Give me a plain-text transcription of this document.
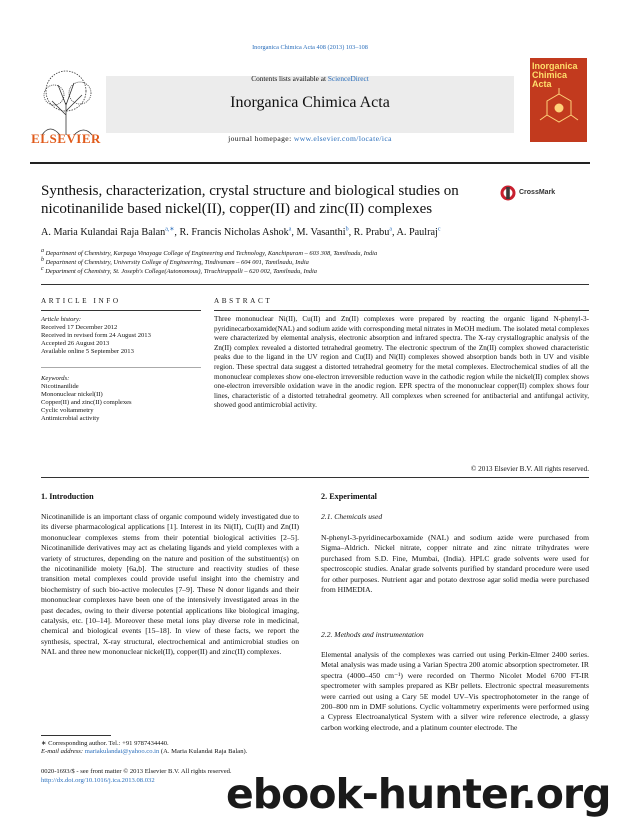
Inorganica Chimica Acta 408 (2013) 103–108
ELSEVIER
Contents lists available at ScienceDirect
Inorganica Chimica Acta
journal homepage: www.elsevier.com/locate/ica
Inorganica Chimica Acta
Synthesis, characterization, crystal structure and biological studies on nicotinanilide based nickel(II), copper(II) and zinc(II) complexes
CrossMark
A. Maria Kulandai Raja Balan$^{a,∗}$, R. Francis Nicholas Ashok$^a$, M. Vasanthi$^b$, R. Prabu$^a$, A. Paulraj$^c$
$^a$ Department of Chemistry, Karpaga Vinayaga College of Engineering and Technology, Kanchipuram – 603 308, Tamilnadu, India
$^b$ Department of Chemistry, University College of Engineering, Tindivanam – 604 001, Tamilnadu, India
$^c$ Department of Chemistry, St. Joseph's College(Autonomous), Tiruchirappalli – 620 002, Tamilnadu, India
ARTICLE INFO	ABSTRACT
Article history:
Received 17 December 2012
Received in revised form 24 August 2013
Accepted 26 August 2013
Available online 5 September 2013
Keywords:
Nicotinanilide
Mononuclear nickel(II)
Copper(II) and zinc(II) complexes
Cyclic voltammetry
Antimicrobial activity
Three mononuclear Ni(II), Cu(II) and Zn(II) complexes were prepared by reacting the organic ligand N-phenyl-3-pyridinecarboxamide(NAL) and sodium azide with corresponding metal nitrates in MeOH medium. The isolated metal complexes were characterized by elemental analysis, electronic absorption and infrared spectra. The X-ray crystallographic analysis of the Zn(II) complex revealed a distorted tetrahedral geometry. The electronic spectrum of the Zn(II) complex showed characteristic peaks due to the ligand in the UV region and Cu(II) and Ni(II) complexes showed absorption bands both in UV and visible region. These spectral data suggest a distorted tetrahedral geometry for the metal complexes. Electrochemical studies of all the mononuclear complexes show one-electron irreversible reduction wave in the cathodic region while the nickel(II) complex shows one-electron irreversible oxidation wave in the anodic region. EPR spectra of the mononuclear copper(II) complex shows four lines, characteristic of a distorted tetrahedral geometry. All complexes when screened for antibacterial and antifungal activity, showed good antimicrobial activity.
© 2013 Elsevier B.V. All rights reserved.
1. Introduction
Nicotinanilide is an important class of organic compound widely investigated due to its diverse pharmacological applications [1]. Interest in its Ni(II), Cu(II) and Zn(II) mononuclear complexes stems from their potential biological activities [2–5]. Nicotinanilide derivatives may act as chelating ligands and yield complexes with a variety of structures, depending on the nature and position of the substituent(s) on the nicotinanilide moiety [6a,b]. The structure and reactivity studies of these transition metal complexes could provide useful insight into the chemistry and biochemistry of such bio-active molecules [7–9]. These N donor ligands and their mononuclear complexes have been one of the intensively investigated areas in the past decades, owing to their diverse potential applications like biological imaging, catalysis, etc. [10–14]. Moreover these metal ions play diverse role in medicinal, chemical and biological events [15–18]. In view of these facts, we report the synthesis, spectral, X-ray structural, electrochemical and antimicrobial studies on NAL and three new mononuclear nickel(II), copper(II) and zinc(II) complexes.
2. Experimental
2.1. Chemicals used
N-phenyl-3-pyridinecarboxamide (NAL) and sodium azide were purchased from Sigma–Aldrich. Nickel nitrate, copper nitrate and zinc nitrate trihydrates were purchased from S.D. Fine, Mumbai, (India). HPLC grade solvents were used for spectroscopic studies. Analar grade solvents purified by standard procedure were used for other purposes. Nutrient agar and potato dextrose agar solid media were purchased from HIMEDIA.
2.2. Methods and instrumentation
Elemental analysis of the complexes was carried out using Perkin-Elmer 2400 series. Metal analysis was made using a Varian Spectra 200 atomic absorption spectrometer. IR spectra (4000–450 cm⁻¹) were recorded on Thermo Nicolet Model 6700 FT-IR spectrometer with samples prepared as KBr pellets. Electronic spectral measurements were carried out using a Cary 5E model UV–Vis spectrophotometer in the range of 200–800 nm in DMF solutions. Cyclic voltammetry experiments were performed using a Cypress Electroanalytical System with a silver wire reference electrode, a glassy carbon working electrode, and a platinum counter electrode. The
∗ Corresponding author. Tel.: +91 9787434440.
E-mail address: mariakulandai@yahoo.co.in (A. Maria Kulandai Raja Balan).
0020-1693/$ - see front matter © 2013 Elsevier B.V. All rights reserved.
http://dx.doi.org/10.1016/j.ica.2013.08.032 ebook-hunter.org
